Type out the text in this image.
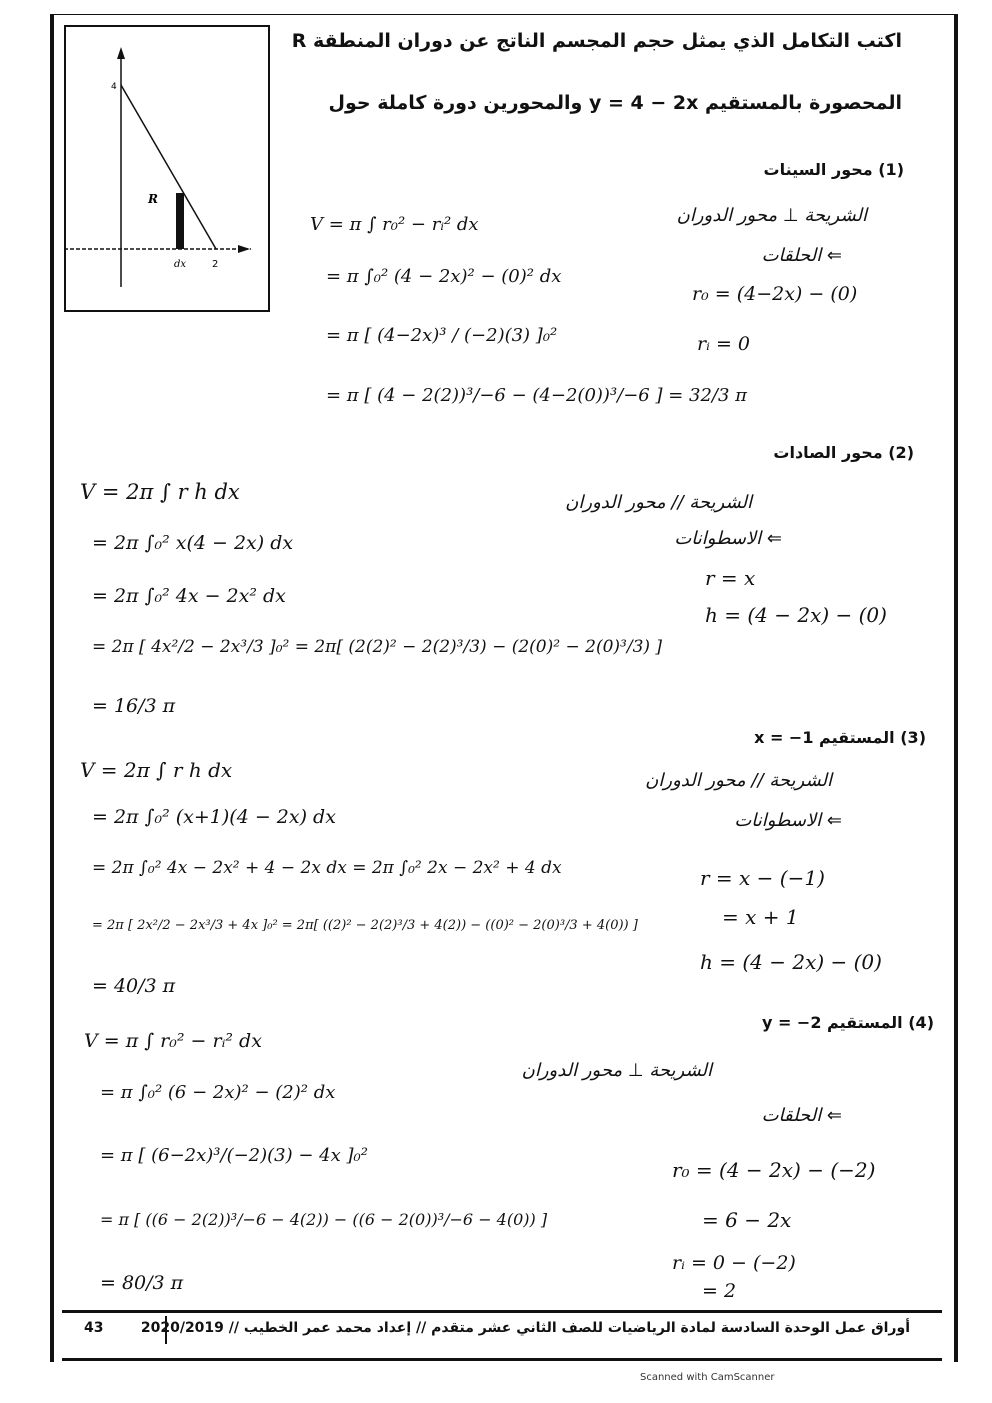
4
R
dx	2
اكتب التكامل الذي يمثل حجم المجسم الناتج عن دوران المنطقة R
المحصورة بالمستقيم y = 4 − 2x والمحورين دورة كاملة حول
(1) محور السينات
الشريحة ⊥ محور الدوران
⇐ الحلقات
r₀ = (4−2x) − (0)
rᵢ = 0
V = π ∫ r₀² − rᵢ² dx
= π ∫₀² (4 − 2x)² − (0)² dx
= π [ (4−2x)³ / (−2)(3) ]₀²
= π [ (4 − 2(2))³/−6 − (4−2(0))³/−6 ] = 32/3 π
(2) محور الصادات
الشريحة // محور الدوران
⇐ الاسطوانات
r = x
h = (4 − 2x) − (0)
V = 2π ∫ r h dx
= 2π ∫₀² x(4 − 2x) dx
= 2π ∫₀² 4x − 2x² dx
= 2π [ 4x²/2 − 2x³/3 ]₀² = 2π[ (2(2)² − 2(2)³/3) − (2(0)² − 2(0)³/3) ]
= 16/3 π
(3) المستقيم x = −1
الشريحة // محور الدوران
⇐ الاسطوانات
r = x − (−1)
= x + 1
h = (4 − 2x) − (0)
V = 2π ∫ r h dx
= 2π ∫₀² (x+1)(4 − 2x) dx
= 2π ∫₀² 4x − 2x² + 4 − 2x dx = 2π ∫₀² 2x − 2x² + 4 dx
= 2π [ 2x²/2 − 2x³/3 + 4x ]₀² = 2π[ ((2)² − 2(2)³/3 + 4(2)) − ((0)² − 2(0)³/3 + 4(0)) ]
= 40/3 π
(4) المستقيم y = −2
الشريحة ⊥ محور الدوران
⇐ الحلقات
r₀ = (4 − 2x) − (−2)
= 6 − 2x
rᵢ = 0 − (−2)
= 2
V = π ∫ r₀² − rᵢ² dx
= π ∫₀² (6 − 2x)² − (2)² dx
= π [ (6−2x)³/(−2)(3) − 4x ]₀²
= π [ ((6 − 2(2))³/−6 − 4(2)) − ((6 − 2(0))³/−6 − 4(0)) ]
= 80/3 π
43	أوراق عمل الوحدة السادسة لمادة الرياضيات للصف الثاني عشر متقدم // إعداد محمد عمر الخطيب // 2020/2019
Scanned with CamScanner
